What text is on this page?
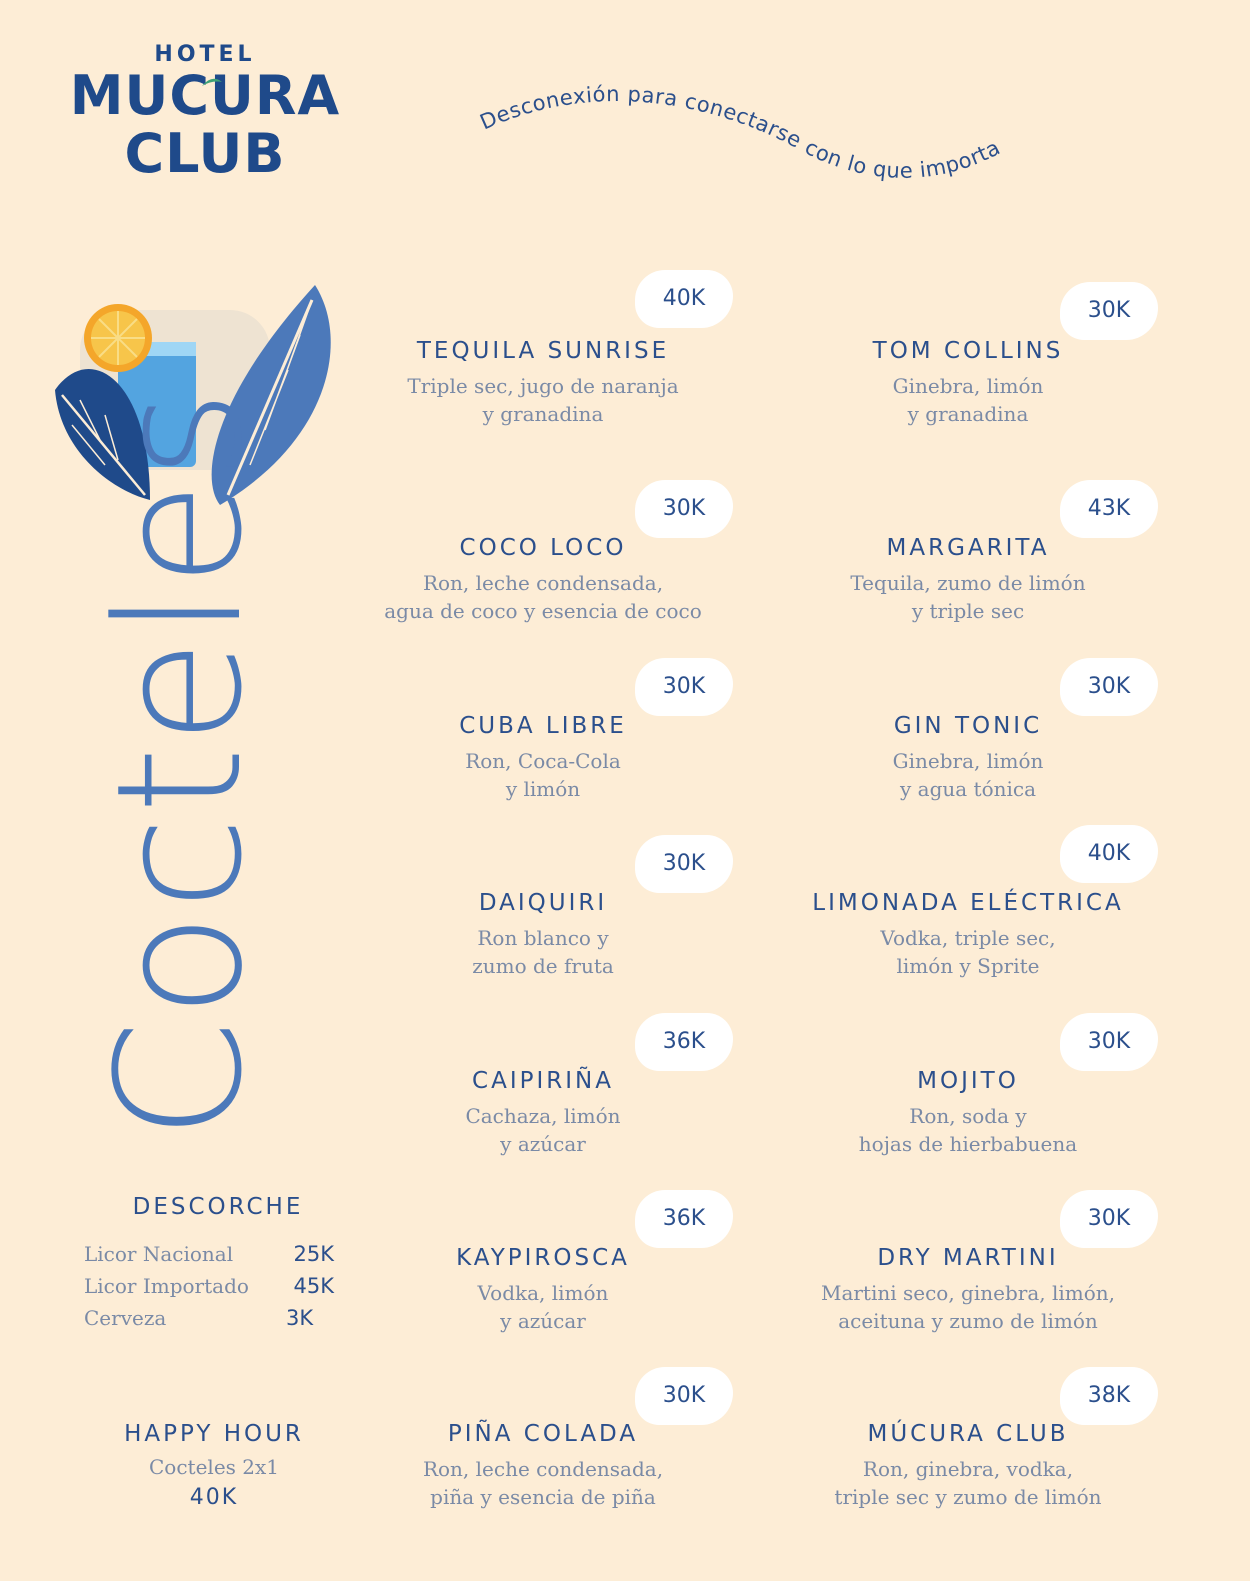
HOTEL
MUCURA
CLUB
Desconexión para conectarse con lo que importa
Cocteles
40K
TEQUILA SUNRISE
Triple sec, jugo de naranja
y granadina
30K
TOM COLLINS
Ginebra, limón
y granadina
30K
COCO LOCO
Ron, leche condensada,
agua de coco y esencia de coco
43K
MARGARITA
Tequila, zumo de limón
y triple sec
30K
CUBA LIBRE
Ron, Coca-Cola
y limón
30K
GIN TONIC
Ginebra, limón
y agua tónica
30K
DAIQUIRI
Ron blanco y
zumo de fruta
40K
LIMONADA ELÉCTRICA
Vodka, triple sec,
limón y Sprite
36K
CAIPIRIÑA
Cachaza, limón
y azúcar
30K
MOJITO
Ron, soda y
hojas de hierbabuena
36K
KAYPIROSCA
Vodka, limón
y azúcar
30K
DRY MARTINI
Martini seco, ginebra, limón,
aceituna y zumo de limón
30K
PIÑA COLADA
Ron, leche condensada,
piña y esencia de piña
38K
MÚCURA CLUB
Ron, ginebra, vodka,
triple sec y zumo de limón
DESCORCHE
Licor Nacional	25K
Licor Importado 45K
Cerveza	3K
HAPPY HOUR
Cocteles 2x1
40K
